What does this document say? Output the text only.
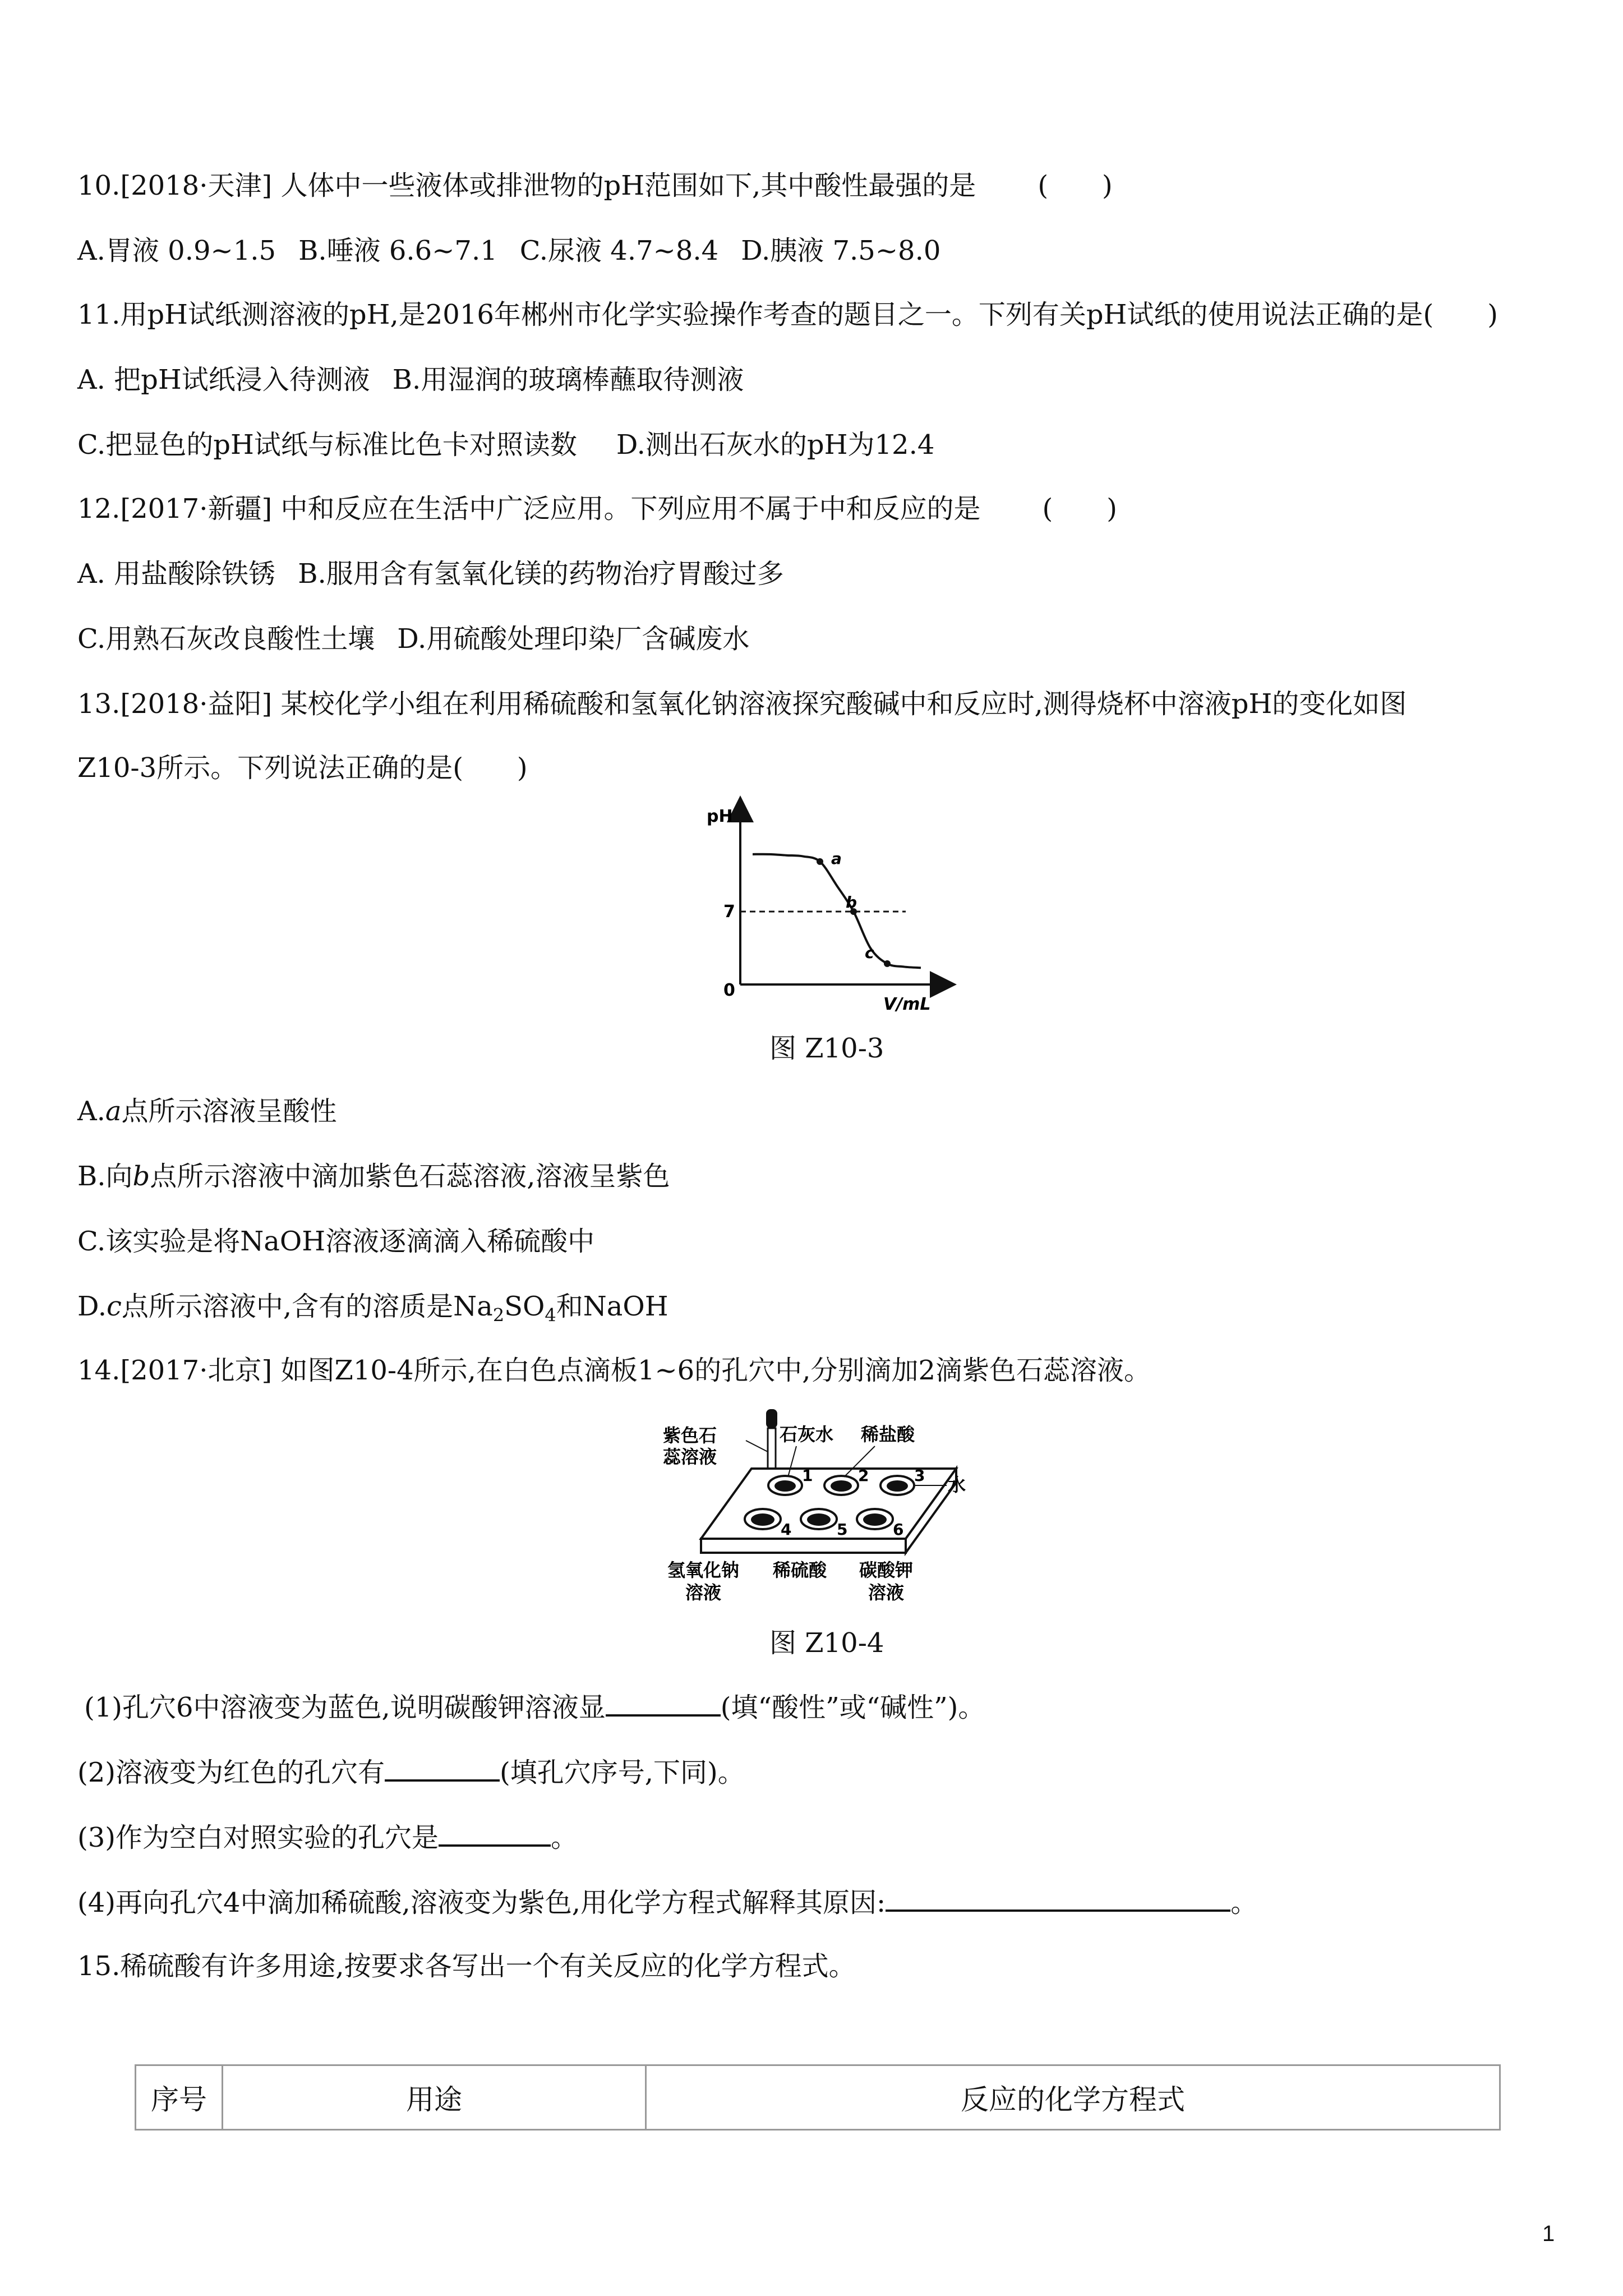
10.[2018·天津] 人体中一些液体或排泄物的pH范围如下,其中酸性最强的是 (　　)
A.胃液 0.9~1.5 B.唾液 6.6~7.1 C.尿液 4.7~8.4 D.胰液 7.5~8.0
11.用pH试纸测溶液的pH,是2016年郴州市化学实验操作考查的题目之一。下列有关pH试纸的使用说法正确的是(　　)
A. 把pH试纸浸入待测液 B.用湿润的玻璃棒蘸取待测液
C.把显色的pH试纸与标准比色卡对照读数 D.测出石灰水的pH为12.4
12.[2017·新疆] 中和反应在生活中广泛应用。下列应用不属于中和反应的是 (　　)
A. 用盐酸除铁锈 B.服用含有氢氧化镁的药物治疗胃酸过多
C.用熟石灰改良酸性土壤 D.用硫酸处理印染厂含碱废水
13.[2018·益阳] 某校化学小组在利用稀硫酸和氢氧化钠溶液探究酸碱中和反应时,测得烧杯中溶液pH的变化如图
Z10-3所示。下列说法正确的是(　　)
pH
V/mL
0
7
a
b
c
图 Z10-3
A.a点所示溶液呈酸性
B.向b点所示溶液中滴加紫色石蕊溶液,溶液呈紫色
C.该实验是将NaOH溶液逐滴滴入稀硫酸中
D.c点所示溶液中,含有的溶质是$Na_2SO_4$和NaOH
14.[2017·北京] 如图Z10-4所示,在白色点滴板1~6的孔穴中,分别滴加2滴紫色石蕊溶液。
1	2	3
4	5	6
紫色石
蕊溶液
石灰水 稀盐酸
水
氢氧化钠
溶液
稀硫酸 碳酸钾
溶液
图 Z10-4
(1)孔穴6中溶液变为蓝色,说明碳酸钾溶液显	(填“酸性”或“碱性”)。
(2)溶液变为红色的孔穴有	(填孔穴序号,下同)。
(3)作为空白对照实验的孔穴是	。
(4)再向孔穴4中滴加稀硫酸,溶液变为紫色,用化学方程式解释其原因:	。
15.稀硫酸有许多用途,按要求各写出一个有关反应的化学方程式。
序号	用途	反应的化学方程式
1
